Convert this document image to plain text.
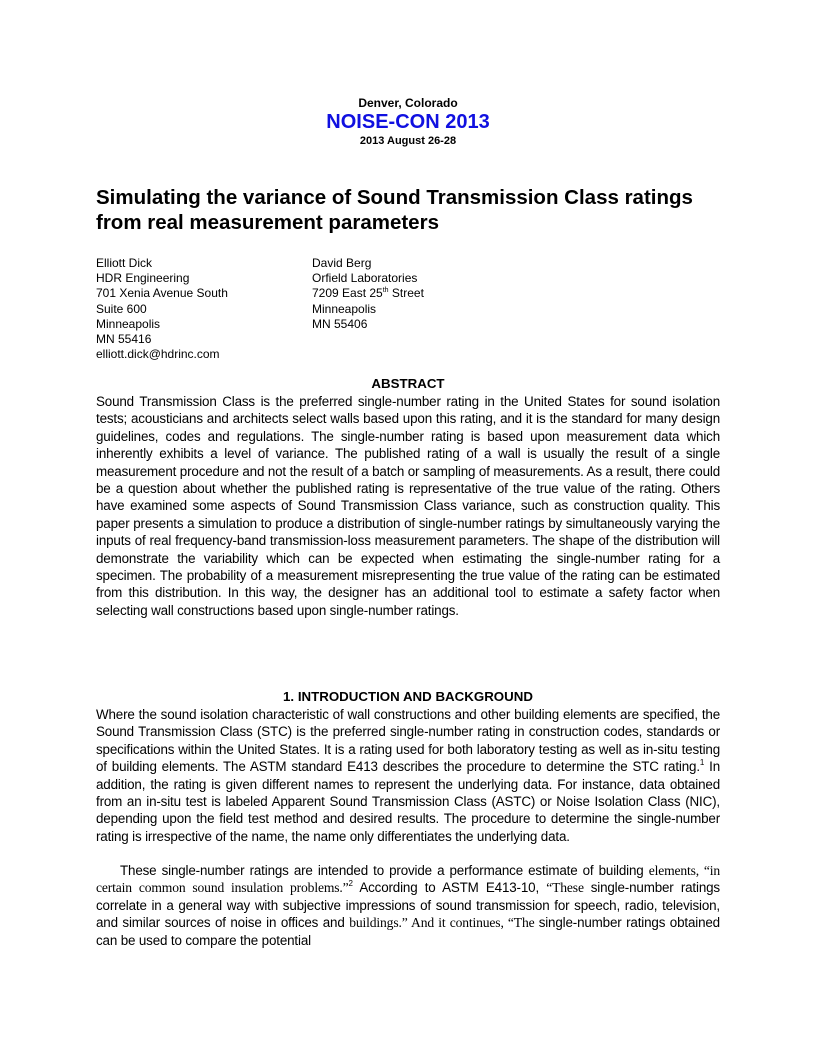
Denver, Colorado
NOISE-CON 2013
2013 August 26-28
Simulating the variance of Sound Transmission Class ratings from real measurement parameters
Elliott Dick
HDR Engineering
701 Xenia Avenue South
Suite 600
Minneapolis
MN 55416
elliott.dick@hdrinc.com
David Berg
Orfield Laboratories
7209 East 25th Street
Minneapolis
MN 55406
ABSTRACT

Sound Transmission Class is the preferred single-number rating in the United States for sound isolation tests; acousticians and architects select walls based upon this rating, and it is the standard for many design guidelines, codes and regulations. The single-number rating is based upon measurement data which inherently exhibits a level of variance. The published rating of a wall is usually the result of a single measurement procedure and not the result of a batch or sampling of measurements. As a result, there could be a question about whether the published rating is representative of the true value of the rating. Others have examined some aspects of Sound Transmission Class variance, such as construction quality. This paper presents a simulation to produce a distribution of single-number ratings by simultaneously varying the inputs of real frequency-band transmission-loss measurement parameters. The shape of the distribution will demonstrate the variability which can be expected when estimating the single-number rating for a specimen. The probability of a measurement misrepresenting the true value of the rating can be estimated from this distribution. In this way, the designer has an additional tool to estimate a safety factor when selecting wall constructions based upon single-number ratings.

1. INTRODUCTION AND BACKGROUND

Where the sound isolation characteristic of wall constructions and other building elements are specified, the Sound Transmission Class (STC) is the preferred single-number rating in construction codes, standards or specifications within the United States. It is a rating used for both laboratory testing as well as in-situ testing of building elements. The ASTM standard E413 describes the procedure to determine the STC rating.$^1$ In addition, the rating is given different names to represent the underlying data. For instance, data obtained from an in-situ test is labeled Apparent Sound Transmission Class (ASTC) or Noise Isolation Class (NIC), depending upon the field test method and desired results. The procedure to determine the single-number rating is irrespective of the name, the name only differentiates the underlying data.

These single-number ratings are intended to provide a performance estimate of building elements, “in certain common sound insulation problems.”$^2$ According to ASTM E413-10, “These single-number ratings correlate in a general way with subjective impressions of sound transmission for speech, radio, television, and similar sources of noise in offices and buildings.” And it continues, “The single-number ratings obtained can be used to compare the potential
